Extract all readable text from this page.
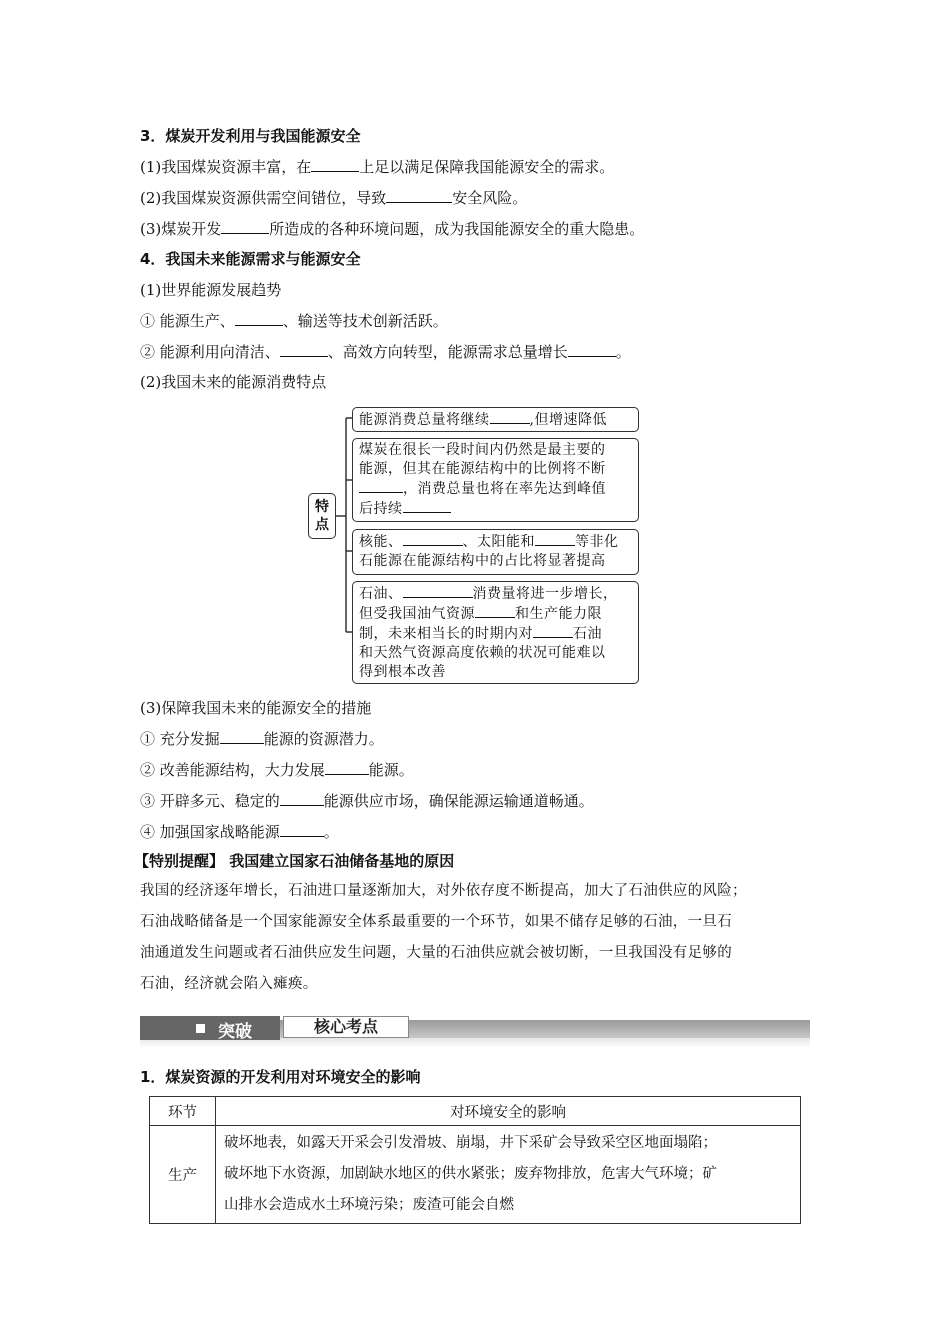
3．煤炭开发利用与我国能源安全
(1)我国煤炭资源丰富，在	上足以满足保障我国能源安全的需求。
(2)我国煤炭资源供需空间错位，导致	安全风险。
(3)煤炭开发	所造成的各种环境问题，成为我国能源安全的重大隐患。
4．我国未来能源需求与能源安全
(1)世界能源发展趋势
① 能源生产、	、输送等技术创新活跃。
② 能源利用向清洁、	、高效方向转型，能源需求总量增长	。
(2)我国未来的能源消费特点
特
点
能源消费总量将继续	,但增速降低
煤炭在很长一段时间内仍然是最主要的
能源，但其在能源结构中的比例将不断
，消费总量也将在率先达到峰值
后持续
核能、	、太阳能和	等非化
石能源在能源结构中的占比将显著提高
石油、	消费量将进一步增长，
但受我国油气资源	和生产能力限
制，未来相当长的时期内对	石油
和天然气资源高度依赖的状况可能难以
得到根本改善
(3)保障我国未来的能源安全的措施
① 充分发掘	能源的资源潜力。
② 改善能源结构，大力发展	能源。
③ 开辟多元、稳定的	能源供应市场，确保能源运输通道畅通。
④ 加强国家战略能源	。
【特别提醒】 我国建立国家石油储备基地的原因
我国的经济逐年增长，石油进口量逐渐加大，对外依存度不断提高，加大了石油供应的风险；
石油战略储备是一个国家能源安全体系最重要的一个环节，如果不储存足够的石油，一旦石
油通道发生问题或者石油供应发生问题，大量的石油供应就会被切断，一旦我国没有足够的
石油，经济就会陷入瘫痪。
突破	核心考点
1．煤炭资源的开发利用对环境安全的影响
环节	对环境安全的影响
生产	破坏地表，如露天开采会引发滑坡、崩塌，井下采矿会导致采空区地面塌陷；
破坏地下水资源，加剧缺水地区的供水紧张；废弃物排放，危害大气环境；矿
山排水会造成水土环境污染；废渣可能会自燃
